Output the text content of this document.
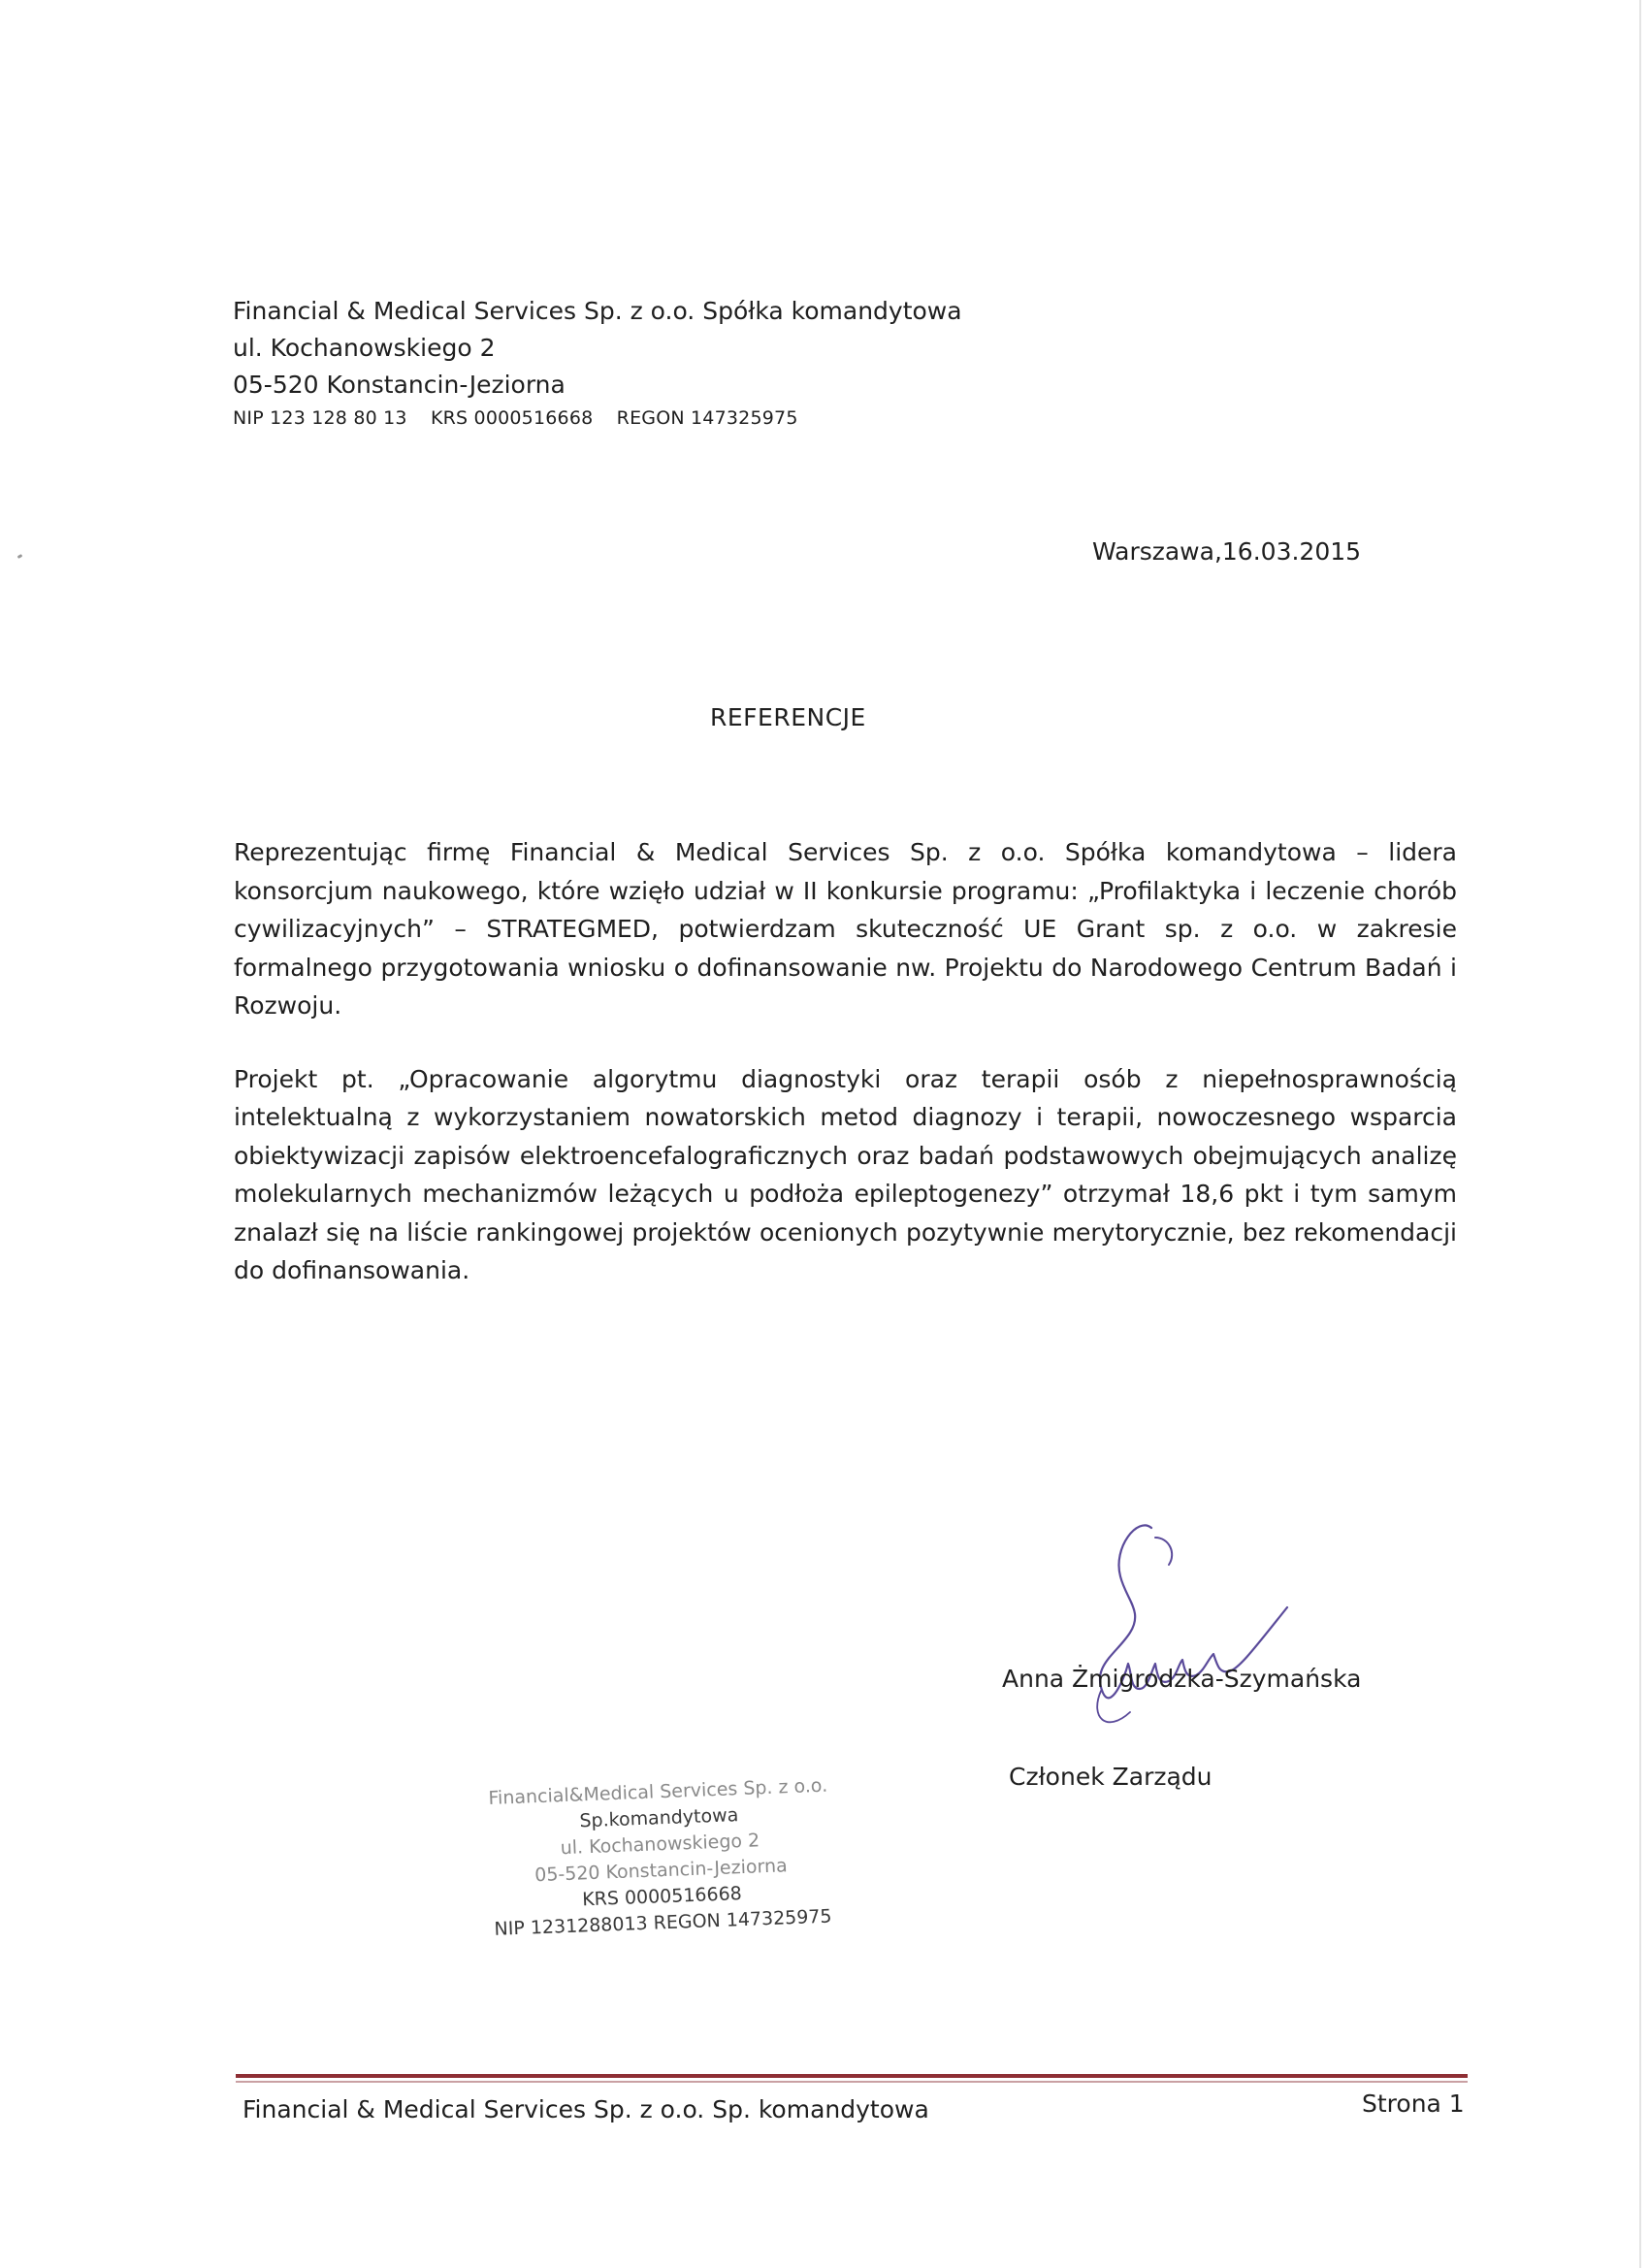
Financial & Medical Services Sp. z o.o. Spółka komandytowa
ul. Kochanowskiego 2
05-520 Konstancin-Jeziorna
NIP 123 128 80 13 KRS 0000516668 REGON 147325975
Warszawa,16.03.2015
REFERENCJE

Reprezentując firmę Financial & Medical Services Sp. z o.o. Spółka komandytowa – lidera konsorcjum naukowego, które wzięło udział w II konkursie programu: „Profilaktyka i leczenie chorób cywilizacyjnych” – STRATEGMED, potwierdzam skuteczność UE Grant sp. z o.o. w zakresie formalnego przygotowania wniosku o dofinansowanie nw. Projektu do Narodowego Centrum Badań i Rozwoju.

Projekt pt. „Opracowanie algorytmu diagnostyki oraz terapii osób z niepełnosprawnością intelektualną z wykorzystaniem nowatorskich metod diagnozy i terapii, nowoczesnego wsparcia obiektywizacji zapisów elektroencefalograficznych oraz badań podstawowych obejmujących analizę molekularnych mechanizmów leżących u podłoża epileptogenezy” otrzymał 18,6 pkt i tym samym znalazł się na liście rankingowej projektów ocenionych pozytywnie merytorycznie, bez rekomendacji do dofinansowania.

Anna Żmigrodzka-Szymańska
Członek Zarządu
Financial&Medical Services Sp. z o.o.
Sp.komandytowa
ul. Kochanowskiego 2
05-520 Konstancin-Jeziorna
KRS 0000516668
NIP 1231288013 REGON 147325975
Financial & Medical Services Sp. z o.o. Sp. komandytowa	Strona 1
